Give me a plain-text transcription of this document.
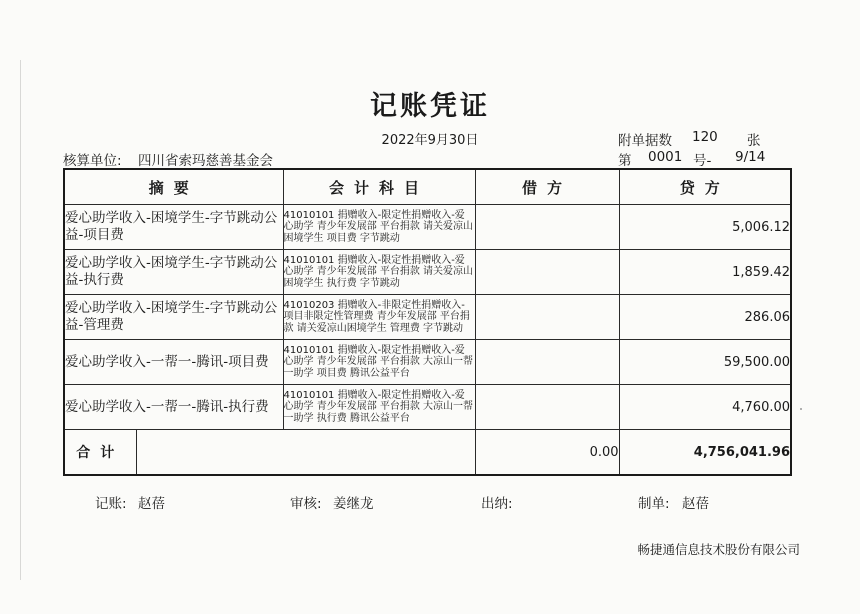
记账凭证
2022年9月30日	附单据数 120 张
核算单位: 四川省索玛慈善基金会	第 0001 号- 9/14
摘要		会计科目	借方	贷方
爱心助学收入-困境学生-字节跳动公益-项目费		41010101 捐赠收入-限定性捐赠收入-爱心助学 青少年发展部 平台捐款 请关爱凉山困境学生 项目费 字节跳动		5,006.12
爱心助学收入-困境学生-字节跳动公益-执行费		41010101 捐赠收入-限定性捐赠收入-爱心助学 青少年发展部 平台捐款 请关爱凉山困境学生 执行费 字节跳动		1,859.42
爱心助学收入-困境学生-字节跳动公益-管理费		41010203 捐赠收入-非限定性捐赠收入-项目非限定性管理费 青少年发展部 平台捐款 请关爱凉山困境学生 管理费 字节跳动		286.06
爱心助学收入-一帮一-腾讯-项目费		41010101 捐赠收入-限定性捐赠收入-爱心助学 青少年发展部 平台捐款 大凉山一帮一助学 项目费 腾讯公益平台		59,500.00
爱心助学收入-一帮一-腾讯-执行费		41010101 捐赠收入-限定性捐赠收入-爱心助学 青少年发展部 平台捐款 大凉山一帮一助学 执行费 腾讯公益平台		4,760.00
合计			0.00	4,756,041.96
记账: 赵蓓	审核: 姜继龙	出纳:	制单: 赵蓓
畅捷通信息技术股份有限公司
